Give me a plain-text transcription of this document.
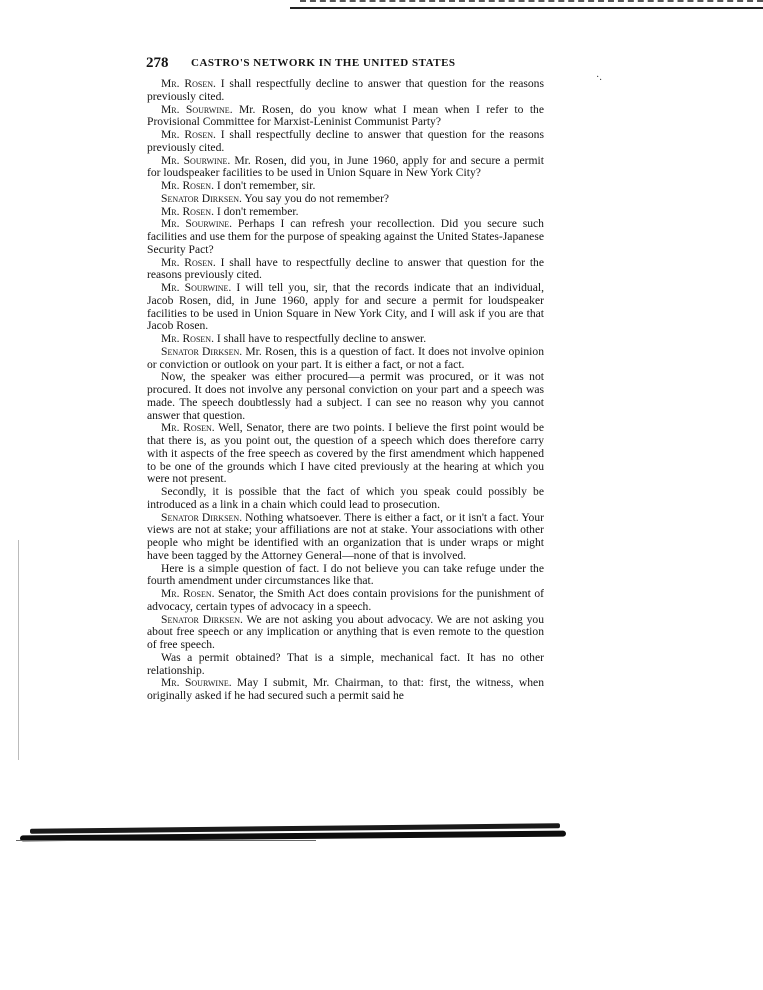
·.
278 CASTRO'S NETWORK IN THE UNITED STATES

Mr. Rosen. I shall respectfully decline to answer that question for the reasons previously cited.

Mr. Sourwine. Mr. Rosen, do you know what I mean when I refer to the Provisional Committee for Marxist-Leninist Communist Party?

Mr. Rosen. I shall respectfully decline to answer that question for the reasons previously cited.

Mr. Sourwine. Mr. Rosen, did you, in June 1960, apply for and secure a permit for loudspeaker facilities to be used in Union Square in New York City?

Mr. Rosen. I don't remember, sir.

Senator Dirksen. You say you do not remember?

Mr. Rosen. I don't remember.

Mr. Sourwine. Perhaps I can refresh your recollection. Did you secure such facilities and use them for the purpose of speaking against the United States-Japanese Security Pact?

Mr. Rosen. I shall have to respectfully decline to answer that question for the reasons previously cited.

Mr. Sourwine. I will tell you, sir, that the records indicate that an individual, Jacob Rosen, did, in June 1960, apply for and secure a permit for loudspeaker facilities to be used in Union Square in New York City, and I will ask if you are that Jacob Rosen.

Mr. Rosen. I shall have to respectfully decline to answer.

Senator Dirksen. Mr. Rosen, this is a question of fact. It does not involve opinion or conviction or outlook on your part. It is either a fact, or not a fact.

Now, the speaker was either procured—a permit was procured, or it was not procured. It does not involve any personal conviction on your part and a speech was made. The speech doubtlessly had a subject. I can see no reason why you cannot answer that question.

Mr. Rosen. Well, Senator, there are two points. I believe the first point would be that there is, as you point out, the question of a speech which does therefore carry with it aspects of the free speech as covered by the first amendment which happened to be one of the grounds which I have cited previously at the hearing at which you were not present.

Secondly, it is possible that the fact of which you speak could possibly be introduced as a link in a chain which could lead to prosecution.

Senator Dirksen. Nothing whatsoever. There is either a fact, or it isn't a fact. Your views are not at stake; your affiliations are not at stake. Your associations with other people who might be identified with an organization that is under wraps or might have been tagged by the Attorney General—none of that is involved.

Here is a simple question of fact. I do not believe you can take refuge under the fourth amendment under circumstances like that.

Mr. Rosen. Senator, the Smith Act does contain provisions for the punishment of advocacy, certain types of advocacy in a speech.

Senator Dirksen. We are not asking you about advocacy. We are not asking you about free speech or any implication or anything that is even remote to the question of free speech.

Was a permit obtained? That is a simple, mechanical fact. It has no other relationship.

Mr. Sourwine. May I submit, Mr. Chairman, to that: first, the witness, when originally asked if he had secured such a permit said he
